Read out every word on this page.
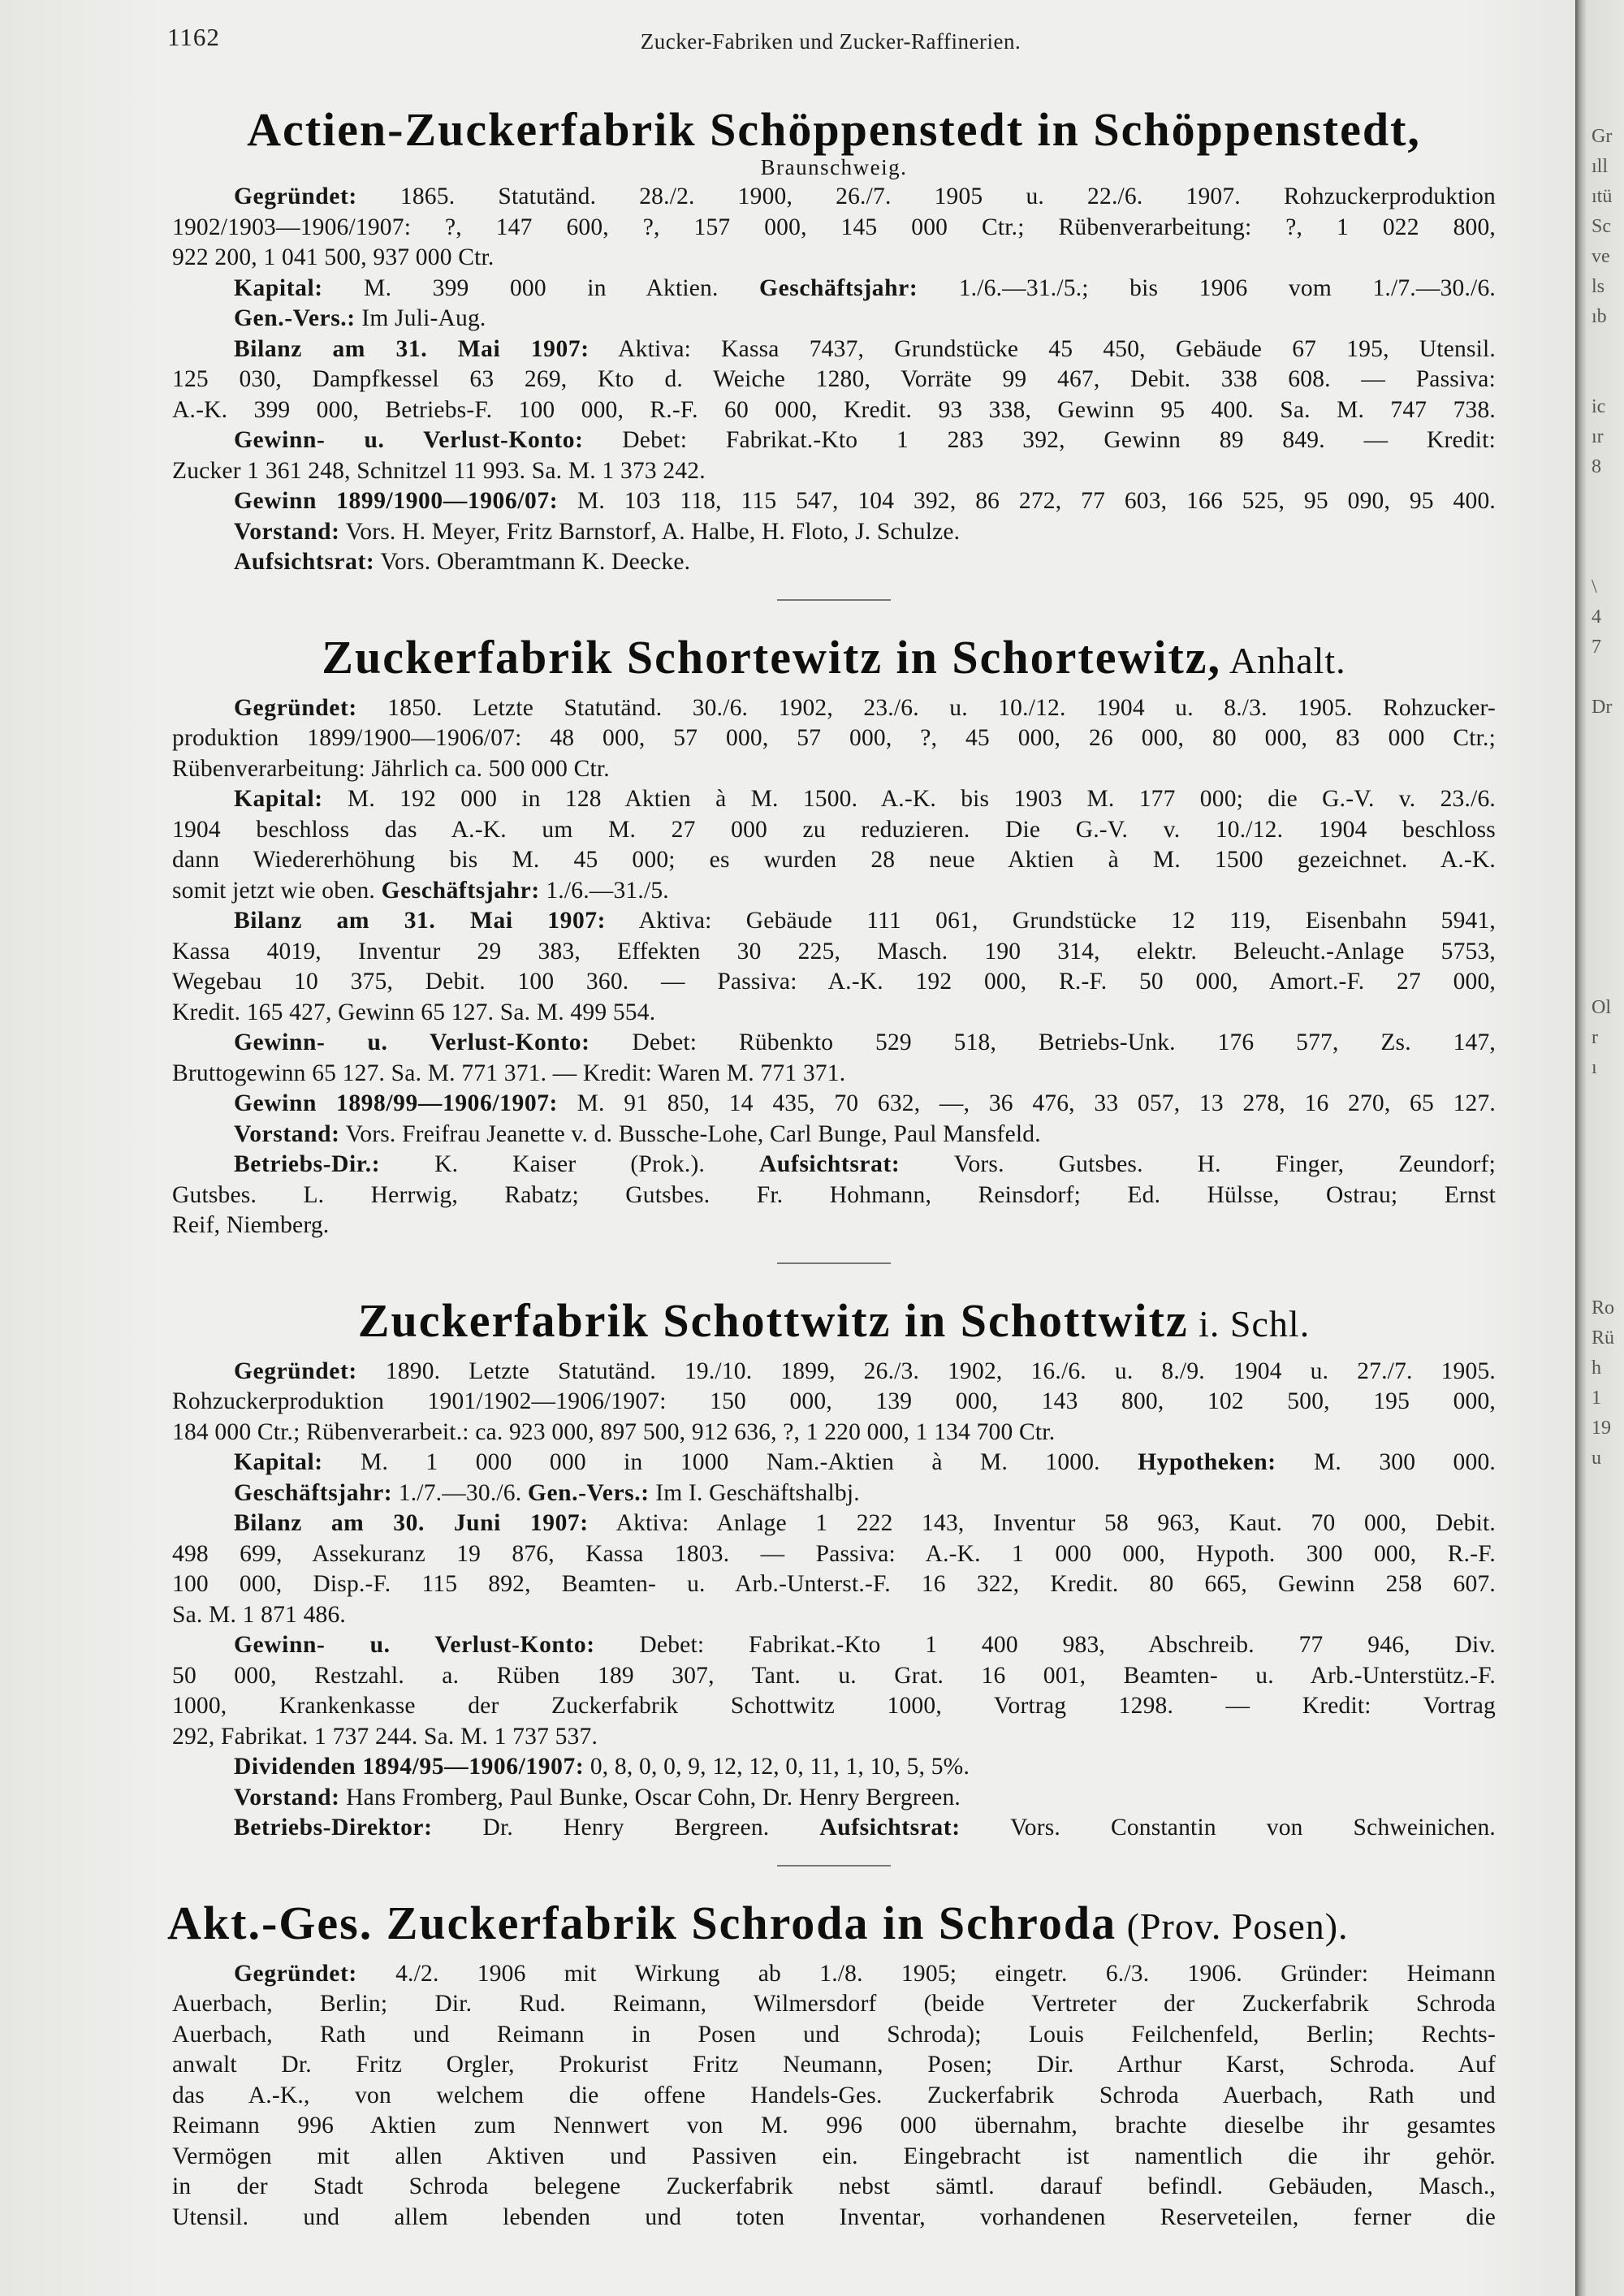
1162	Zucker-Fabriken und Zucker-Raffinerien.
Actien-Zuckerfabrik Schöppenstedt in Schöppenstedt,
Braunschweig.
Gegründet: 1865. Statutänd. 28./2. 1900, 26./7. 1905 u. 22./6. 1907. Rohzuckerproduktion
1902/1903—1906/1907: ?, 147 600, ?, 157 000, 145 000 Ctr.; Rübenverarbeitung: ?, 1 022 800,
922 200, 1 041 500, 937 000 Ctr.
Kapital: M. 399 000 in Aktien. Geschäftsjahr: 1./6.—31./5.; bis 1906 vom 1./7.—30./6.
Gen.-Vers.: Im Juli-Aug.
Bilanz am 31. Mai 1907: Aktiva: Kassa 7437, Grundstücke 45 450, Gebäude 67 195, Utensil.
125 030, Dampfkessel 63 269, Kto d. Weiche 1280, Vorräte 99 467, Debit. 338 608. — Passiva:
A.-K. 399 000, Betriebs-F. 100 000, R.-F. 60 000, Kredit. 93 338, Gewinn 95 400. Sa. M. 747 738.
Gewinn- u. Verlust-Konto: Debet: Fabrikat.-Kto 1 283 392, Gewinn 89 849. — Kredit:
Zucker 1 361 248, Schnitzel 11 993. Sa. M. 1 373 242.
Gewinn 1899/1900—1906/07: M. 103 118, 115 547, 104 392, 86 272, 77 603, 166 525, 95 090, 95 400.
Vorstand: Vors. H. Meyer, Fritz Barnstorf, A. Halbe, H. Floto, J. Schulze.
Aufsichtsrat: Vors. Oberamtmann K. Deecke.
Zuckerfabrik Schortewitz in Schortewitz, Anhalt.
Gegründet: 1850. Letzte Statutänd. 30./6. 1902, 23./6. u. 10./12. 1904 u. 8./3. 1905. Rohzucker-
produktion 1899/1900—1906/07: 48 000, 57 000, 57 000, ?, 45 000, 26 000, 80 000, 83 000 Ctr.;
Rübenverarbeitung: Jährlich ca. 500 000 Ctr.
Kapital: M. 192 000 in 128 Aktien à M. 1500. A.-K. bis 1903 M. 177 000; die G.-V. v. 23./6.
1904 beschloss das A.-K. um M. 27 000 zu reduzieren. Die G.-V. v. 10./12. 1904 beschloss
dann Wiedererhöhung bis M. 45 000; es wurden 28 neue Aktien à M. 1500 gezeichnet. A.-K.
somit jetzt wie oben. Geschäftsjahr: 1./6.—31./5.
Bilanz am 31. Mai 1907: Aktiva: Gebäude 111 061, Grundstücke 12 119, Eisenbahn 5941,
Kassa 4019, Inventur 29 383, Effekten 30 225, Masch. 190 314, elektr. Beleucht.-Anlage 5753,
Wegebau 10 375, Debit. 100 360. — Passiva: A.-K. 192 000, R.-F. 50 000, Amort.-F. 27 000,
Kredit. 165 427, Gewinn 65 127. Sa. M. 499 554.
Gewinn- u. Verlust-Konto: Debet: Rübenkto 529 518, Betriebs-Unk. 176 577, Zs. 147,
Bruttogewinn 65 127. Sa. M. 771 371. — Kredit: Waren M. 771 371.
Gewinn 1898/99—1906/1907: M. 91 850, 14 435, 70 632, —, 36 476, 33 057, 13 278, 16 270, 65 127.
Vorstand: Vors. Freifrau Jeanette v. d. Bussche-Lohe, Carl Bunge, Paul Mansfeld.
Betriebs-Dir.: K. Kaiser (Prok.). Aufsichtsrat: Vors. Gutsbes. H. Finger, Zeundorf;
Gutsbes. L. Herrwig, Rabatz; Gutsbes. Fr. Hohmann, Reinsdorf; Ed. Hülsse, Ostrau; Ernst
Reif, Niemberg.
Zuckerfabrik Schottwitz in Schottwitz i. Schl.
Gegründet: 1890. Letzte Statutänd. 19./10. 1899, 26./3. 1902, 16./6. u. 8./9. 1904 u. 27./7. 1905.
Rohzuckerproduktion 1901/1902—1906/1907: 150 000, 139 000, 143 800, 102 500, 195 000,
184 000 Ctr.; Rübenverarbeit.: ca. 923 000, 897 500, 912 636, ?, 1 220 000, 1 134 700 Ctr.
Kapital: M. 1 000 000 in 1000 Nam.-Aktien à M. 1000. Hypotheken: M. 300 000.
Geschäftsjahr: 1./7.—30./6. Gen.-Vers.: Im I. Geschäftshalbj.
Bilanz am 30. Juni 1907: Aktiva: Anlage 1 222 143, Inventur 58 963, Kaut. 70 000, Debit.
498 699, Assekuranz 19 876, Kassa 1803. — Passiva: A.-K. 1 000 000, Hypoth. 300 000, R.-F.
100 000, Disp.-F. 115 892, Beamten- u. Arb.-Unterst.-F. 16 322, Kredit. 80 665, Gewinn 258 607.
Sa. M. 1 871 486.
Gewinn- u. Verlust-Konto: Debet: Fabrikat.-Kto 1 400 983, Abschreib. 77 946, Div.
50 000, Restzahl. a. Rüben 189 307, Tant. u. Grat. 16 001, Beamten- u. Arb.-Unterstütz.-F.
1000, Krankenkasse der Zuckerfabrik Schottwitz 1000, Vortrag 1298. — Kredit: Vortrag
292, Fabrikat. 1 737 244. Sa. M. 1 737 537.
Dividenden 1894/95—1906/1907: 0, 8, 0, 0, 9, 12, 12, 0, 11, 1, 10, 5, 5%.
Vorstand: Hans Fromberg, Paul Bunke, Oscar Cohn, Dr. Henry Bergreen.
Betriebs-Direktor: Dr. Henry Bergreen. Aufsichtsrat: Vors. Constantin von Schweinichen.
Akt.-Ges. Zuckerfabrik Schroda in Schroda (Prov. Posen).
Gegründet: 4./2. 1906 mit Wirkung ab 1./8. 1905; eingetr. 6./3. 1906. Gründer: Heimann
Auerbach, Berlin; Dir. Rud. Reimann, Wilmersdorf (beide Vertreter der Zuckerfabrik Schroda
Auerbach, Rath und Reimann in Posen und Schroda); Louis Feilchenfeld, Berlin; Rechts-
anwalt Dr. Fritz Orgler, Prokurist Fritz Neumann, Posen; Dir. Arthur Karst, Schroda. Auf
das A.-K., von welchem die offene Handels-Ges. Zuckerfabrik Schroda Auerbach, Rath und
Reimann 996 Aktien zum Nennwert von M. 996 000 übernahm, brachte dieselbe ihr gesamtes
Vermögen mit allen Aktiven und Passiven ein. Eingebracht ist namentlich die ihr gehör.
in der Stadt Schroda belegene Zuckerfabrik nebst sämtl. darauf befindl. Gebäuden, Masch.,
Utensil. und allem lebenden und toten Inventar, vorhandenen Reserveteilen, ferner die
Gr
ıll
ıtü
Sc
ve
ls
ıb
ic
ır
8
\
4
7
Dr
Ol
r
ı
Ro
Rü
h
1
19
u
